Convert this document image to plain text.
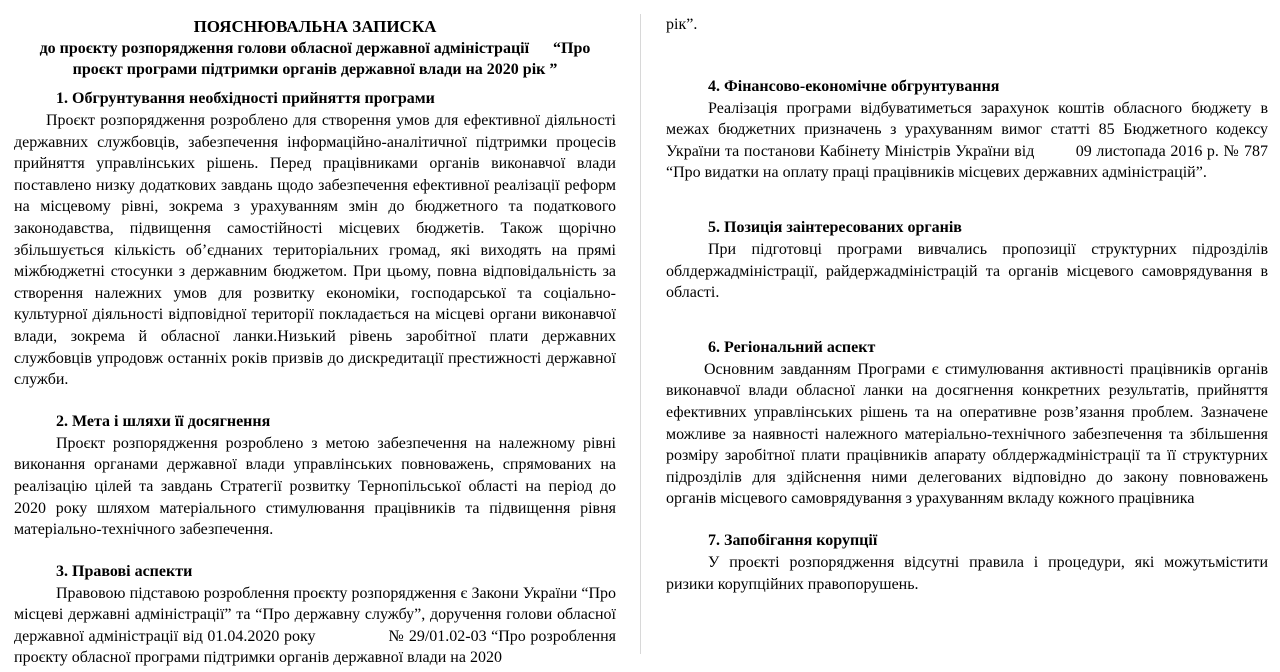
ПОЯСНЮВАЛЬНА ЗАПИСКА
до проєкту розпорядження голови обласної державної адміністрації      “Про
проєкт програми підтримки органів державної влади на 2020 рік ”
1. Обгрунтування необхідності прийняття програми
Проєкт розпорядження розроблено для створення умов для ефективної діяльності державних службовців, забезпечення інформаційно-аналітичної підтримки процесів прийняття управлінських рішень. Перед працівниками органів виконавчої влади поставлено низку додаткових завдань щодо забезпечення ефективної реалізації реформ на місцевому рівні, зокрема з урахуванням змін до бюджетного та податкового законодавства, підвищення самостійності місцевих бюджетів. Також щорічно збільшується кількість об’єднаних територіальних громад, які виходять на прямі міжбюджетні стосунки з державним бюджетом. При цьому, повна відповідальність за створення належних умов для розвитку економіки, господарської та соціально-культурної діяльності відповідної території покладається на місцеві органи виконавчої влади, зокрема й обласної ланки.Низький рівень заробітної плати державних службовців упродовж останніх років призвів до дискредитації престижності державної служби.
2. Мета і шляхи її досягнення
Проєкт розпорядження розроблено з метою забезпечення на належному рівні виконання органами державної влади управлінських повноважень, спрямованих на реалізацію цілей та завдань Стратегії розвитку Тернопільської області на період до 2020 року шляхом матеріального стимулювання працівників та підвищення рівня матеріально-технічного забезпечення.
3. Правові аспекти
Правовою підставою розроблення проєкту розпорядження є Закони України “Про місцеві державні адміністрації” та “Про державну службу”, доручення голови обласної державної адміністрації від 01.04.2020 року                № 29/01.02-03 “Про розроблення проєкту обласної програми підтримки органів державної влади на 2020
рік”.
4. Фінансово-економічне обгрунтування
Реалізація програми відбуватиметься зарахунок коштів обласного бюджету в межах бюджетних призначень з урахуванням вимог статті 85 Бюджетного кодексу України та постанови Кабінету Міністрів України від         09 листопада 2016 р. № 787 “Про видатки на оплату праці працівників місцевих державних адміністрацій”.
5. Позиція заінтересованих органів
При підготовці програми вивчались пропозиції структурних підрозділів облдержадміністрації, райдержадміністрацій та органів місцевого самоврядування в області.
6. Регіональний аспект
Основним завданням Програми є стимулювання активності працівників органів виконавчої влади обласної ланки на досягнення конкретних результатів, прийняття ефективних управлінських рішень та на оперативне розв’язання проблем. Зазначене можливе за наявності належного матеріально-технічного забезпечення та збільшення розміру заробітної плати працівників апарату облдержадміністрації та її структурних підрозділів для здійснення ними делегованих відповідно до закону повноважень органів місцевого самоврядування з урахуванням вкладу кожного працівника
7. Запобігання корупції
У проєкті розпорядження відсутні правила і процедури, які можутьмістити ризики корупційних правопорушень.
